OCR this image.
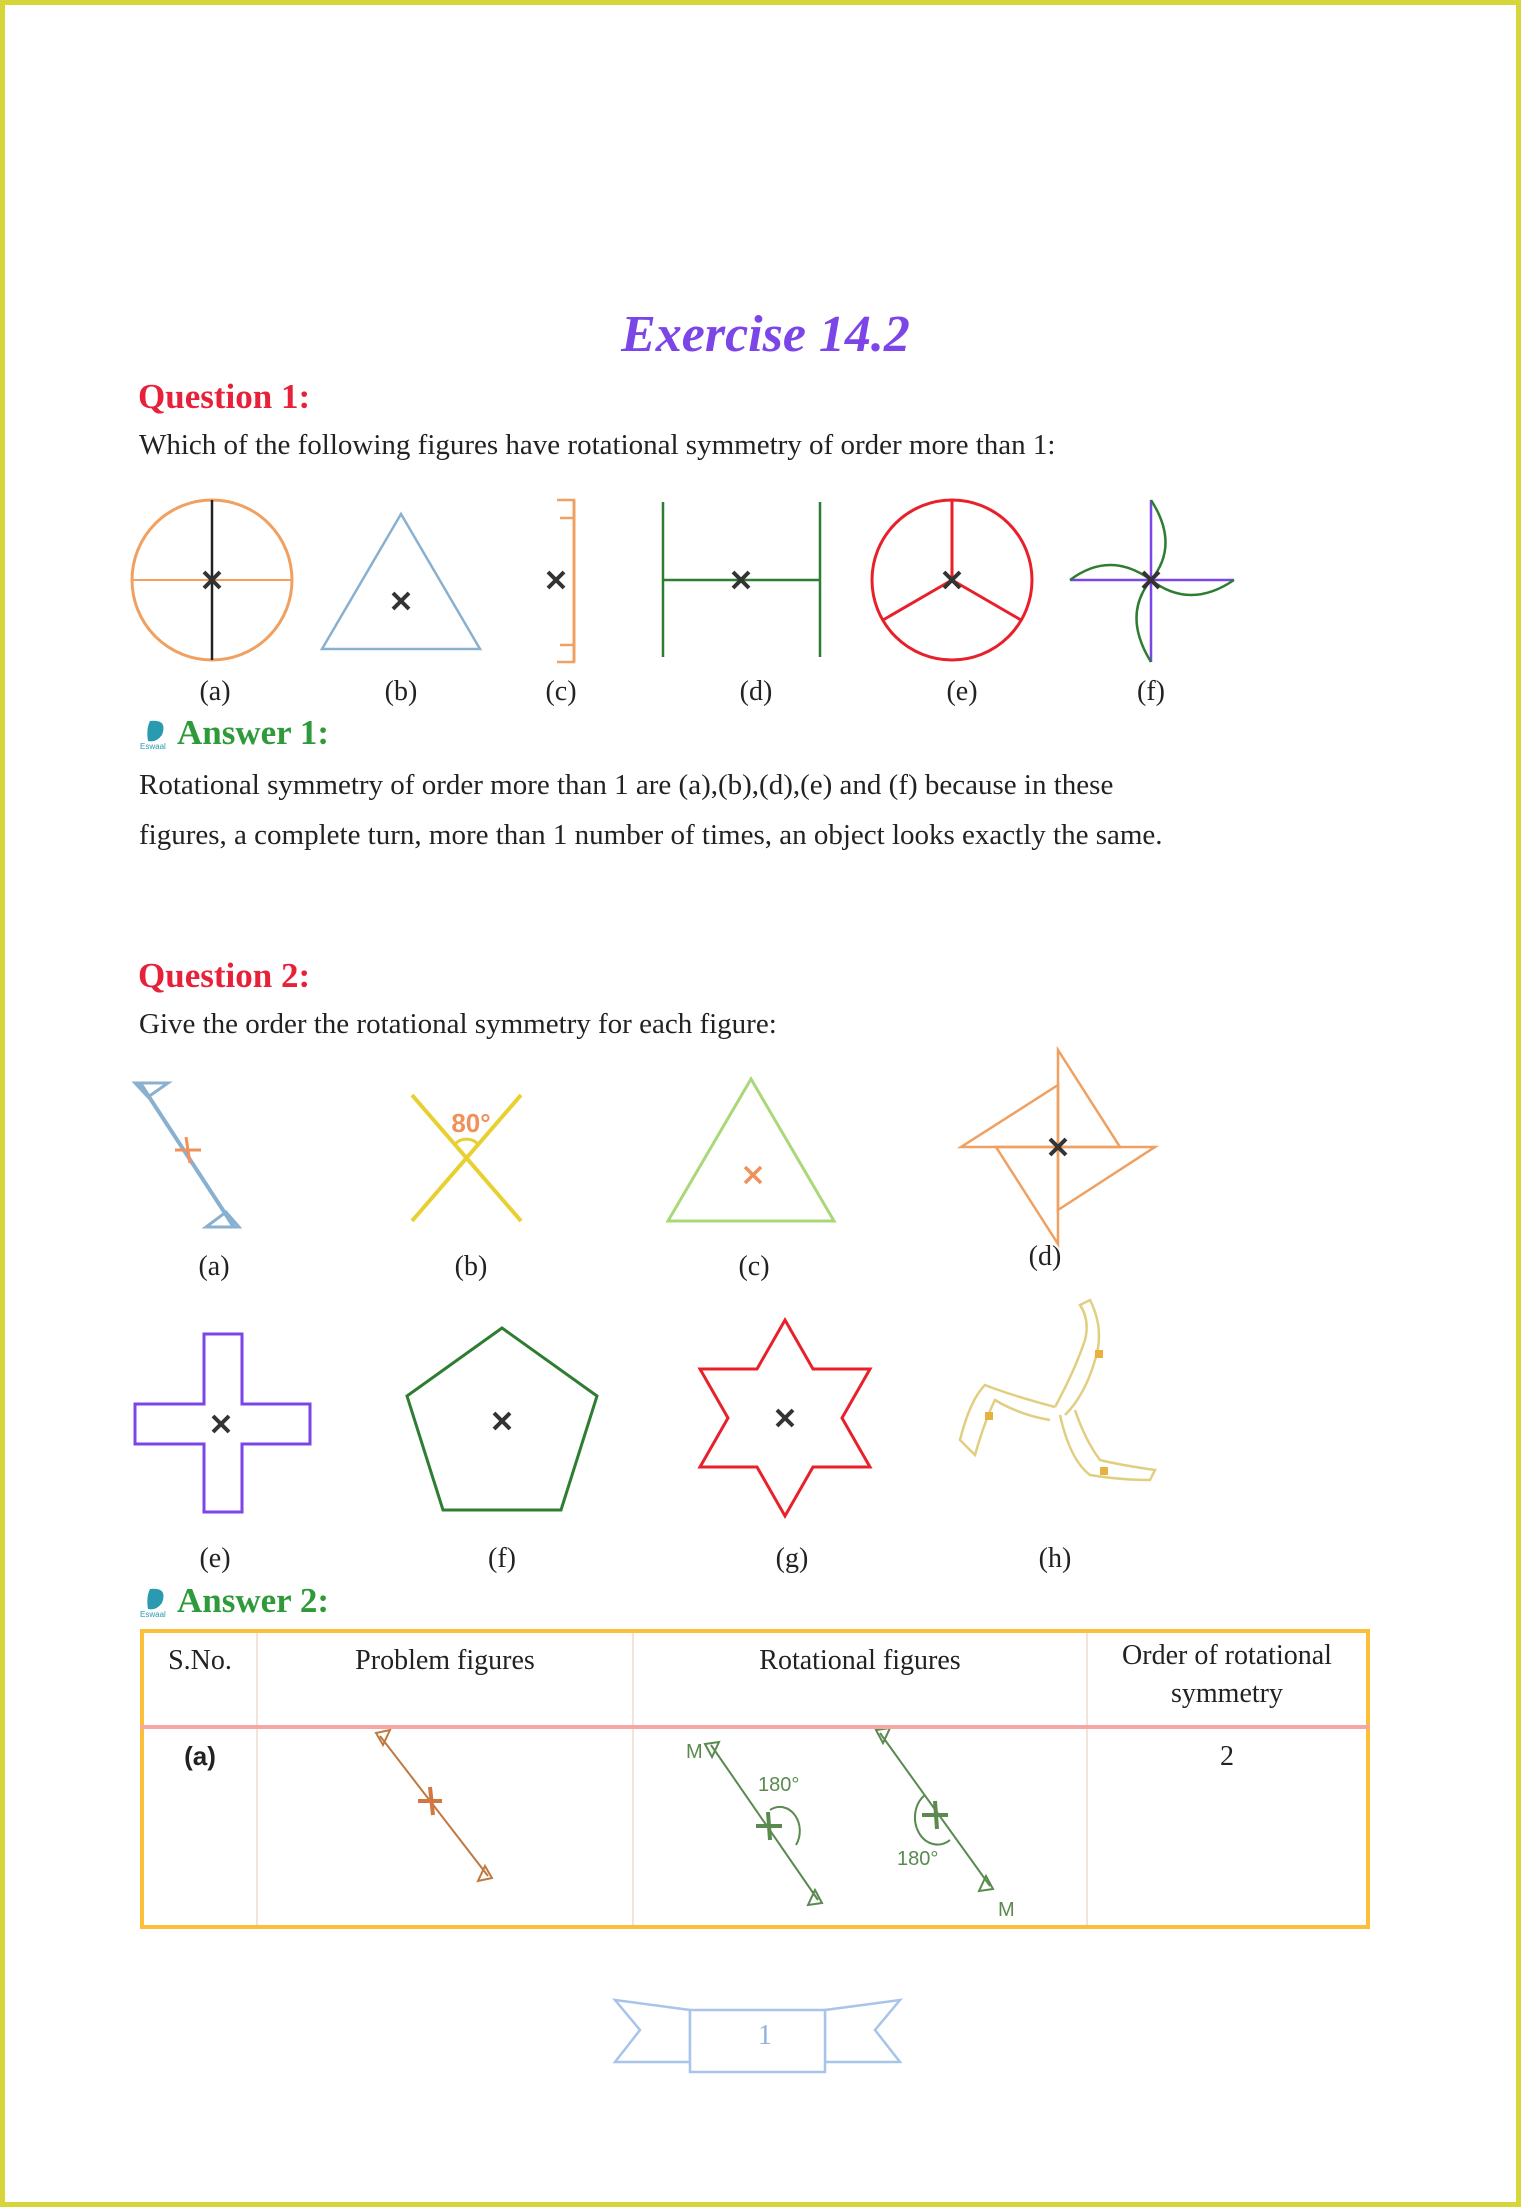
Exercise 14.2
Question 1:
Which of the following figures have rotational symmetry of order more than 1:
80°
M
180°
M
180°
(a)	(b)	(c)	(d)	(e)	(f)
Eswaal Answer 1:
Rotational symmetry of order more than 1 are (a),(b),(d),(e) and (f) because in these
figures, a complete turn, more than 1 number of times, an object looks exactly the same.
Question 2:
Give the order the rotational symmetry for each figure:
(a)	(b)	(c)	(d)
(e)	(f)	(g)	(h)
Eswaal Answer 2:
S.No.	Problem figures	Rotational figures	Order of rotational symmetry
(a)			2
1
